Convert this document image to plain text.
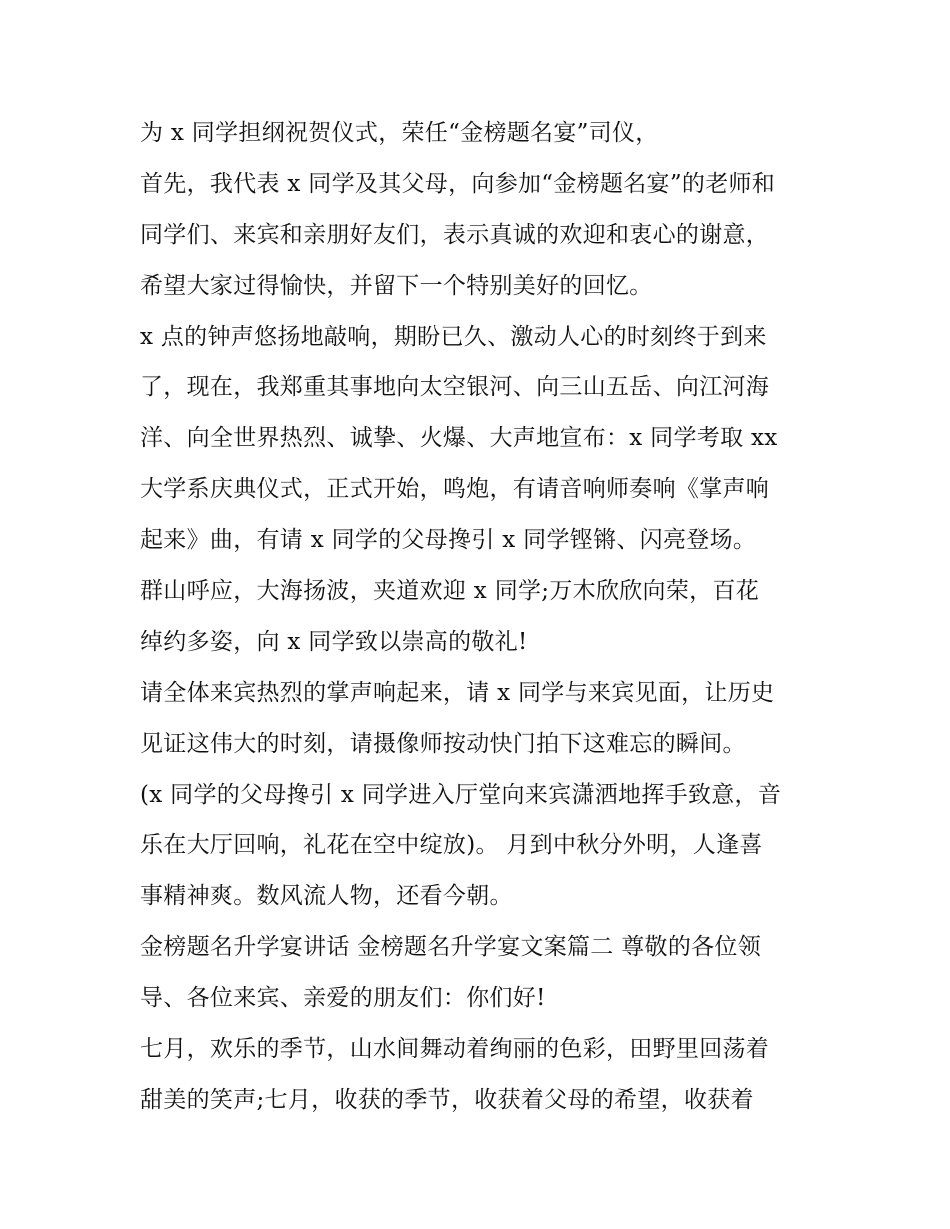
为 x 同学担纲祝贺仪式，荣任“金榜题名宴”司仪，
首先，我代表 x 同学及其父母，向参加“金榜题名宴”的老师和
同学们、来宾和亲朋好友们，表示真诚的欢迎和衷心的谢意，
希望大家过得愉快，并留下一个特别美好的回忆。
x 点的钟声悠扬地敲响，期盼已久、激动人心的时刻终于到来
了，现在，我郑重其事地向太空银河、向三山五岳、向江河海
洋、向全世界热烈、诚挚、火爆、大声地宣布：x 同学考取 xx
大学系庆典仪式，正式开始，鸣炮，有请音响师奏响《掌声响
起来》曲，有请 x 同学的父母搀引 x 同学铿锵、闪亮登场。
群山呼应，大海扬波，夹道欢迎 x 同学;万木欣欣向荣，百花
绰约多姿，向 x 同学致以崇高的敬礼!
请全体来宾热烈的掌声响起来，请 x 同学与来宾见面，让历史
见证这伟大的时刻，请摄像师按动快门拍下这难忘的瞬间。
(x 同学的父母搀引 x 同学进入厅堂向来宾潇洒地挥手致意，音
乐在大厅回响，礼花在空中绽放)。 月到中秋分外明，人逢喜
事精神爽。数风流人物，还看今朝。
金榜题名升学宴讲话 金榜题名升学宴文案篇二 尊敬的各位领
导、各位来宾、亲爱的朋友们：你们好!
七月，欢乐的季节，山水间舞动着绚丽的色彩，田野里回荡着
甜美的笑声;七月，收获的季节，收获着父母的希望，收获着
